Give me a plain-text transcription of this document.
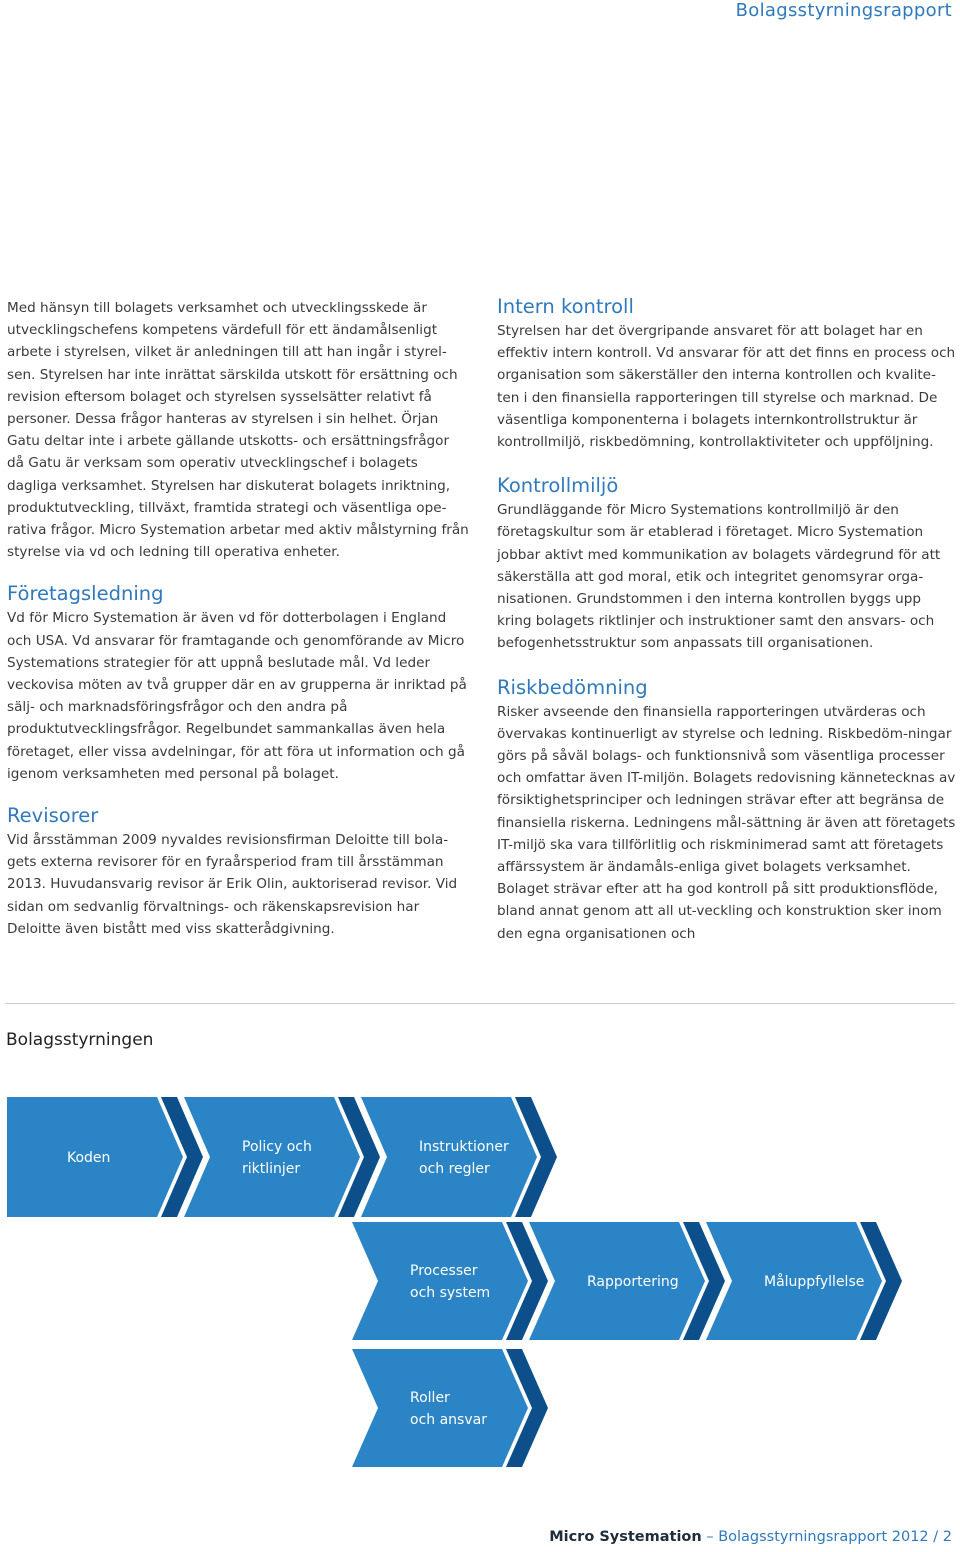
Bolagsstyrningsrapport

Med hänsyn till bolagets verksamhet och utvecklingsskede är utvecklingschefens kompetens värdefull för ett ändamålsenligt arbete i styrelsen, vilket är anledningen till att han ingår i styrel-sen. Styrelsen har inte inrättat särskilda utskott för ersättning och revision eftersom bolaget och styrelsen sysselsätter relativt få personer. Dessa frågor hanteras av styrelsen i sin helhet. Örjan Gatu deltar inte i arbete gällande utskotts- och ersättningsfrågor då Gatu är verksam som operativ utvecklingschef i bolagets dagliga verksamhet. Styrelsen har diskuterat bolagets inriktning, produktutveckling, tillväxt, framtida strategi och väsentliga ope-rativa frågor. Micro Systemation arbetar med aktiv målstyrning från styrelse via vd och ledning till operativa enheter.

Företagsledning

Vd för Micro Systemation är även vd för dotterbolagen i England och USA. Vd ansvarar för framtagande och genomförande av Micro Systemations strategier för att uppnå beslutade mål. Vd leder veckovisa möten av två grupper där en av grupperna är inriktad på sälj- och marknadsföringsfrågor och den andra på produktutvecklingsfrågor. Regelbundet sammankallas även hela företaget, eller vissa avdelningar, för att föra ut information och gå igenom verksamheten med personal på bolaget.

Revisorer

Vid årsstämman 2009 nyvaldes revisionsfirman Deloitte till bola-gets externa revisorer för en fyraårsperiod fram till årsstämman 2013. Huvudansvarig revisor är Erik Olin, auktoriserad revisor. Vid sidan om sedvanlig förvaltnings- och räkenskapsrevision har Deloitte även bistått med viss skatterådgivning.

Intern kontroll

Styrelsen har det övergripande ansvaret för att bolaget har en effektiv intern kontroll. Vd ansvarar för att det finns en process och organisation som säkerställer den interna kontrollen och kvalite-ten i den finansiella rapporteringen till styrelse och marknad. De väsentliga komponenterna i bolagets internkontrollstruktur är kontrollmiljö, riskbedömning, kontrollaktiviteter och uppföljning.

Kontrollmiljö

Grundläggande för Micro Systemations kontrollmiljö är den företagskultur som är etablerad i företaget. Micro Systemation jobbar aktivt med kommunikation av bolagets värdegrund för att säkerställa att god moral, etik och integritet genomsyrar orga-nisationen. Grundstommen i den interna kontrollen byggs upp kring bolagets riktlinjer och instruktioner samt den ansvars- och befogenhetsstruktur som anpassats till organisationen.

Riskbedömning

Risker avseende den finansiella rapporteringen utvärderas och övervakas kontinuerligt av styrelse och ledning. Riskbedöm-ningar görs på såväl bolags- och funktionsnivå som väsentliga processer och omfattar även IT-miljön. Bolagets redovisning kännetecknas av försiktighetsprinciper och ledningen strävar efter att begränsa de finansiella riskerna. Ledningens mål-sättning är även att företagets IT-miljö ska vara tillförlitlig och riskminimerad samt att företagets affärssystem är ändamåls-enliga givet bolagets verksamhet. Bolaget strävar efter att ha god kontroll på sitt produktionsflöde, bland annat genom att all ut-veckling och konstruktion sker inom den egna organisationen och

Bolagsstyrningen
Koden
Policy och riktlinjer
Instruktioner och regler
Processer och system
Rapportering	Måluppfyllelse
Roller och ansvar
Micro Systemation – Bolagsstyrningsrapport 2012 / 2
